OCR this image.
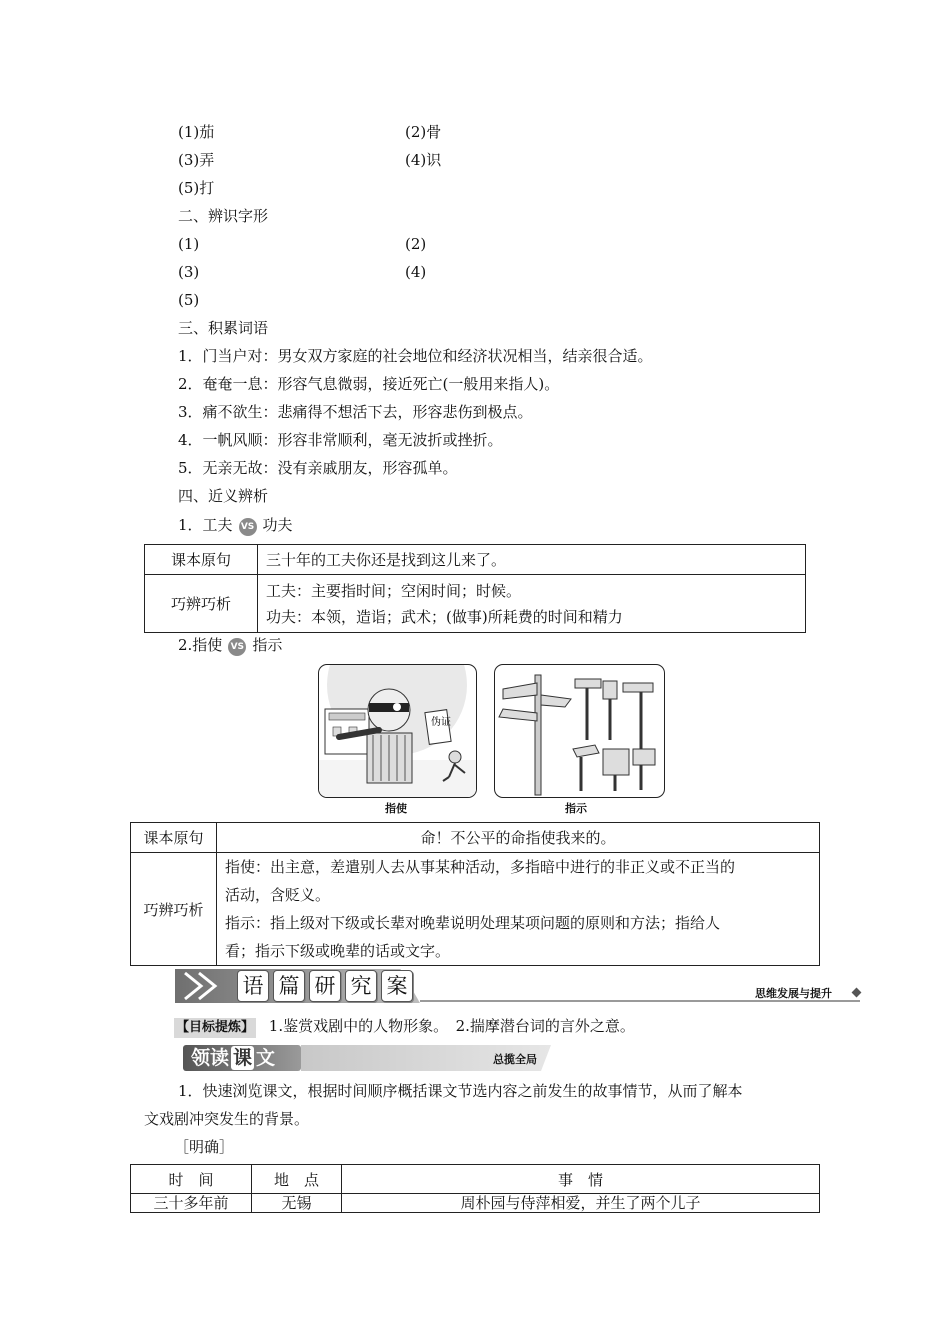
(1)茄	(2)骨
(3)弄	(4)识
(5)打
二、辨识字形
(1)	(2)
(3)	(4)
(5)
三、积累词语
1．门当户对：男女双方家庭的社会地位和经济状况相当，结亲很合适。
2．奄奄一息：形容气息微弱，接近死亡(一般用来指人)。
3．痛不欲生：悲痛得不想活下去，形容悲伤到极点。
4．一帆风顺：形容非常顺利，毫无波折或挫折。
5．无亲无故：没有亲戚朋友，形容孤单。
四、近义辨析
1．工夫 VS 功夫
课本原句	三十年的工夫你还是找到这儿来了。
巧辨巧析	工夫：主要指时间；空闲时间；时候。
功夫：本领，造诣；武术；(做事)所耗费的时间和精力
2.指使 VS 指示
伪证
指使	指示
课本原句	命！不公平的命指使我来的。
巧辨巧析	指使：出主意，差遣别人去从事某种活动，多指暗中进行的非正义或不正当的
活动，含贬义。
指示：指上级对下级或长辈对晚辈说明处理某项问题的原则和方法；指给人
看；指示下级或晚辈的话或文字。
语 篇 研 究 案	思维发展与提升
【目标提炼】 1.鉴赏戏剧中的人物形象。　2.揣摩潜台词的言外之意。
领读 课 文	总揽全局
1．快速浏览课文，根据时间顺序概括课文节选内容之前发生的故事情节，从而了解本
文戏剧冲突发生的背景。
［明确］
时　间	地　点	事　情
三十多年前	无锡	周朴园与侍萍相爱，并生了两个儿子
